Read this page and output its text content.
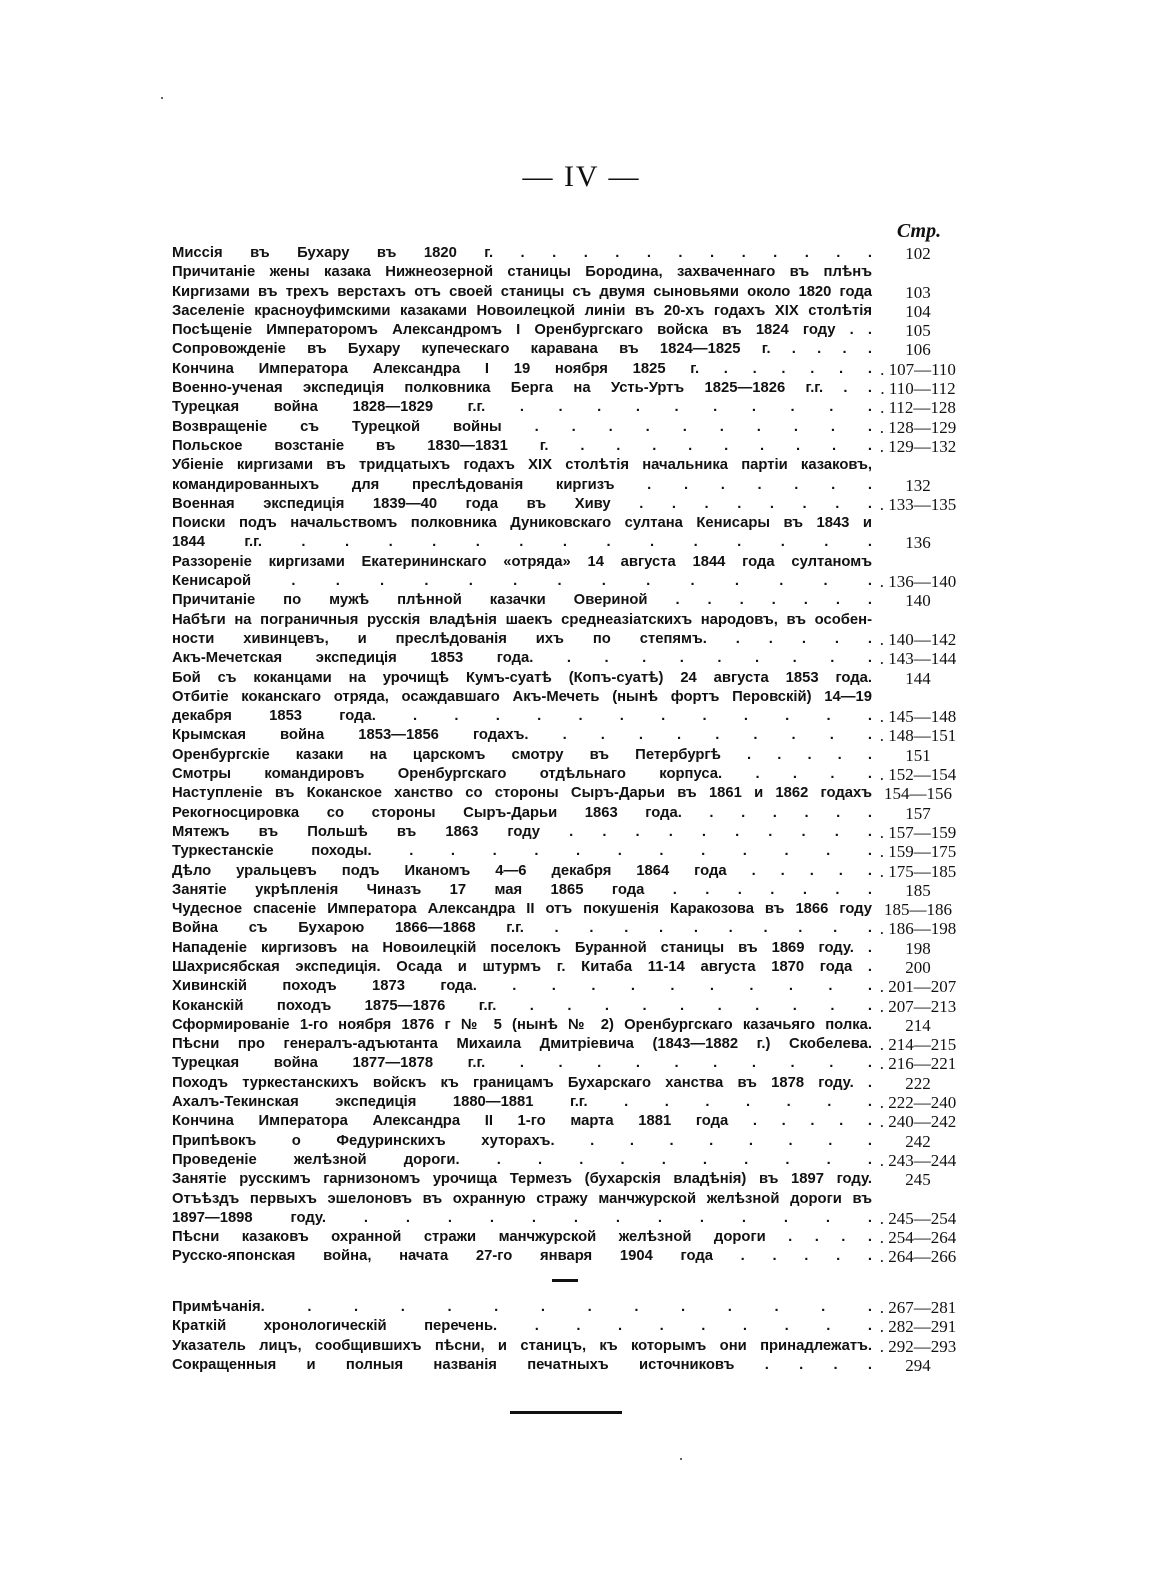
— IV —
Стр.
Миссія въ Бухару въ 1820 г. . . . . . . . . . . . .	102
Причитаніе жены казака Нижнеозерной станицы Бородина, захваченнаго въ плѣнъ
Киргизами въ трехъ верстахъ отъ своей станицы съ двумя сыновьями около 1820 года	103
Заселеніе красноуфимскими казаками Новоилецкой линіи въ 20-хъ годахъ XIX столѣтія	104
Посѣщеніе Императоромъ Александромъ I Оренбургскаго войска въ 1824 году . .	105
Сопровожденіе въ Бухару купеческаго каравана въ 1824—1825 г. . . . .	106
Кончина Императора Александра I 19 ноября 1825 г. . . . . . . . 107—110
Военно-ученая экспедиція полковника Берга на Усть-Уртъ 1825—1826 г.г. . . . 110—112
Турецкая война 1828—1829 г.г. . . . . . . . . . . . 112—128
Возвращеніе съ Турецкой войны . . . . . . . . . . . 128—129
Польское возстаніе въ 1830—1831 г. . . . . . . . . . . 129—132
Убіеніе киргизами въ тридцатыхъ годахъ XIX столѣтія начальника партіи казаковъ,
командированныхъ для преслѣдованія киргизъ . . . . . . .	132
Военная экспедиція 1839—40 года въ Хиву . . . . . . . . . 133—135
Поиски подъ начальствомъ полковника Дуниковскаго султана Кенисары въ 1843 и
1844 г.г. . . . . . . . . . . . . . .	136
Раззореніе киргизами Екатерининскаго «отряда» 14 августа 1844 года султаномъ
Кенисарой . . . . . . . . . . . . . . . 136—140
Причитаніе по мужѣ плѣнной казачки Овериной . . . . . . .	140
Набѣги на пограничныя русскія владѣнія шаекъ среднеазіатскихъ народовъ, въ особен-
ности хивинцевъ, и преслѣдованія ихъ по степямъ. . . . . . . 140—142
Акъ-Мечетская экспедиція 1853 года. . . . . . . . . . . 143—144
Бой съ коканцами на урочищѣ Кумъ-суатѣ (Копъ-суатѣ) 24 августа 1853 года.	144
Отбитіе коканскаго отряда, осаждавшаго Акъ-Мечеть (нынѣ фортъ Перовскій) 14—19
декабря 1853 года. . . . . . . . . . . . . . 145—148
Крымская война 1853—1856 годахъ. . . . . . . . . . . 148—151
Оренбургскіе казаки на царскомъ смотру въ Петербургѣ . . . . .	151
Смотры командировъ Оренбургскаго отдѣльнаго корпуса. . . . . . 152—154
Наступленіе въ Коканское ханство со стороны Сыръ-Дарьи въ 1861 и 1862 годахъ 154—156
Рекогносцировка со стороны Сыръ-Дарьи 1863 года. . . . . . .	157
Мятежъ въ Польшѣ въ 1863 году . . . . . . . . . . . 157—159
Туркестанскіе походы. . . . . . . . . . . . . . 159—175
Дѣло уральцевъ подъ Иканомъ 4—6 декабря 1864 года . . . . . . 175—185
Занятіе укрѣпленія Чиназъ 17 мая 1865 года . . . . . . .	185
Чудесное спасеніе Императора Александра II отъ покушенія Каракозова въ 1866 году 185—186
Война съ Бухарою 1866—1868 г.г. . . . . . . . . . . . 186—198
Нападеніе киргизовъ на Новоилецкій поселокъ Буранной станицы въ 1869 году. .	198
Шахрисябская экспедиція. Осада и штурмъ г. Китаба 11-14 августа 1870 года .	200
Хивинскій походъ 1873 года. . . . . . . . . . . . 201—207
Коканскій походъ 1875—1876 г.г. . . . . . . . . . . . 207—213
Сформированіе 1-го ноября 1876 г № 5 (нынѣ № 2) Оренбургскаго казачьяго полка.	214
Пѣсни про генералъ-адъютанта Михаила Дмитріевича (1843—1882 г.) Скобелева. . 214—215
Турецкая война 1877—1878 г.г. . . . . . . . . . . . 216—221
Походъ туркестанскихъ войскъ къ границамъ Бухарскаго ханства въ 1878 году. .	222
Ахалъ-Текинская экспедиція 1880—1881 г.г. . . . . . . . . 222—240
Кончина Императора Александра II 1-го марта 1881 года . . . . . . 240—242
Припѣвокъ о Федуринскихъ хуторахъ. . . . . . . . .	242
Проведеніе желѣзной дороги. . . . . . . . . . . . 243—244
Занятіе русскимъ гарнизономъ урочища Термезъ (бухарскія владѣнія) въ 1897 году.	245
Отъѣздъ первыхъ эшелоновъ въ охранную стражу манчжурской желѣзной дороги въ
1897—1898 году. . . . . . . . . . . . . . . 245—254
Пѣсни казаковъ охранной стражи манчжурской желѣзной дороги . . . . . 254—264
Русско-японская война, начата 27-го января 1904 года . . . . . . 264—266
Примѣчанія. . . . . . . . . . . . . . . 267—281
Краткій хронологическій перечень. . . . . . . . . . . 282—291
Указатель лицъ, сообщившихъ пѣсни, и станицъ, къ которымъ они принадлежатъ. . 292—293
Сокращенныя и полныя названія печатныхъ источниковъ . . . .	294
